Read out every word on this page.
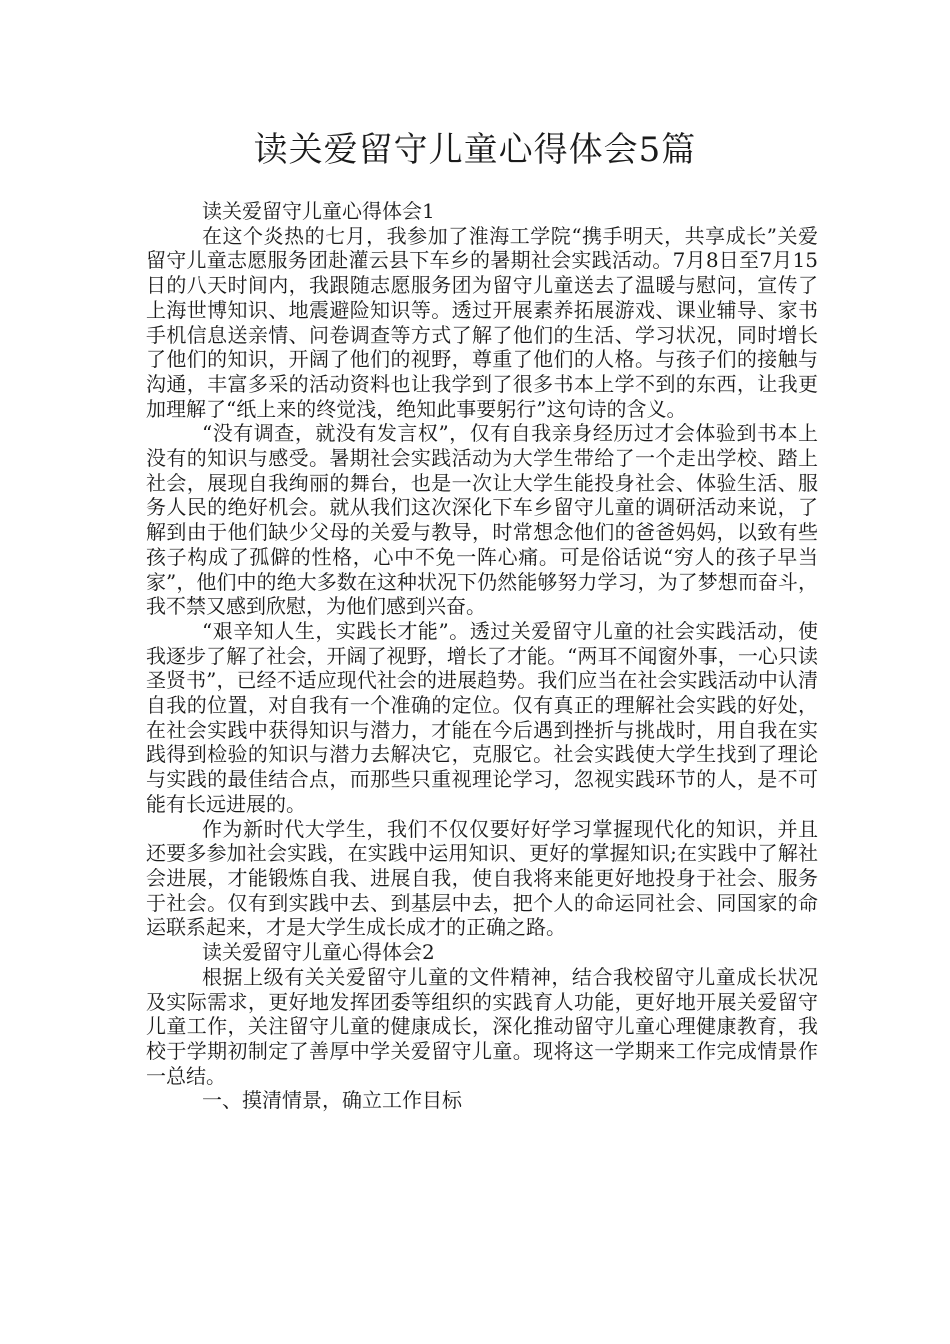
读关爱留守儿童心得体会5篇

读关爱留守儿童心得体会1

在这个炎热的七月，我参加了淮海工学院“携手明天，共享成长”关爱留守儿童志愿服务团赴灌云县下车乡的暑期社会实践活动。7月8日至7月15日的八天时间内，我跟随志愿服务团为留守儿童送去了温暖与慰问，宣传了上海世博知识、地震避险知识等。透过开展素养拓展游戏、课业辅导、家书手机信息送亲情、问卷调查等方式了解了他们的生活、学习状况，同时增长了他们的知识，开阔了他们的视野，尊重了他们的人格。与孩子们的接触与沟通，丰富多采的活动资料也让我学到了很多书本上学不到的东西，让我更加理解了“纸上来的终觉浅，绝知此事要躬行”这句诗的含义。

“没有调查，就没有发言权”，仅有自我亲身经历过才会体验到书本上没有的知识与感受。暑期社会实践活动为大学生带给了一个走出学校、踏上社会，展现自我绚丽的舞台，也是一次让大学生能投身社会、体验生活、服务人民的绝好机会。就从我们这次深化下车乡留守儿童的调研活动来说，了解到由于他们缺少父母的关爱与教导，时常想念他们的爸爸妈妈，以致有些孩子构成了孤僻的性格，心中不免一阵心痛。可是俗话说“穷人的孩子早当家”，他们中的绝大多数在这种状况下仍然能够努力学习，为了梦想而奋斗，我不禁又感到欣慰，为他们感到兴奋。

“艰辛知人生，实践长才能”。透过关爱留守儿童的社会实践活动，使我逐步了解了社会，开阔了视野，增长了才能。“两耳不闻窗外事，一心只读圣贤书”，已经不适应现代社会的进展趋势。我们应当在社会实践活动中认清自我的位置，对自我有一个准确的定位。仅有真正的理解社会实践的好处，在社会实践中获得知识与潜力，才能在今后遇到挫折与挑战时，用自我在实践得到检验的知识与潜力去解决它，克服它。社会实践使大学生找到了理论与实践的最佳结合点，而那些只重视理论学习，忽视实践环节的人，是不可能有长远进展的。

作为新时代大学生，我们不仅仅要好好学习掌握现代化的知识，并且还要多参加社会实践，在实践中运用知识、更好的掌握知识;在实践中了解社会进展，才能锻炼自我、进展自我，使自我将来能更好地投身于社会、服务于社会。仅有到实践中去、到基层中去，把个人的命运同社会、同国家的命运联系起来，才是大学生成长成才的正确之路。

读关爱留守儿童心得体会2

根据上级有关关爱留守儿童的文件精神，结合我校留守儿童成长状况及实际需求，更好地发挥团委等组织的实践育人功能，更好地开展关爱留守儿童工作，关注留守儿童的健康成长，深化推动留守儿童心理健康教育，我校于学期初制定了善厚中学关爱留守儿童。现将这一学期来工作完成情景作一总结。

一、摸清情景，确立工作目标
